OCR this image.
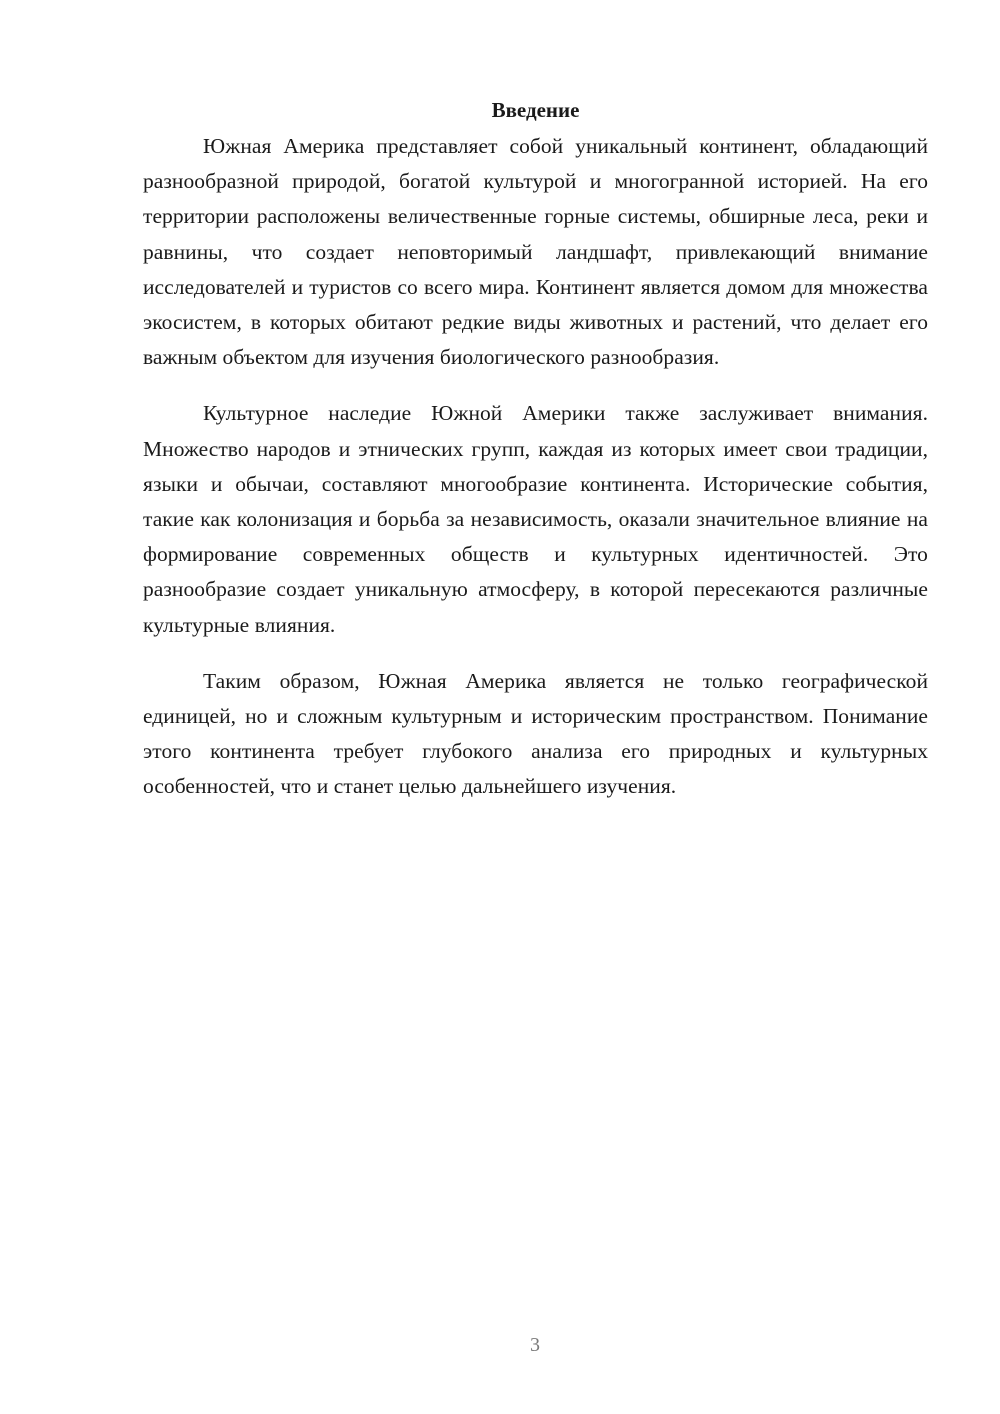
Введение

Южная Америка представляет собой уникальный континент, обладающий разнообразной природой, богатой культурой и многогранной историей. На его территории расположены величественные горные системы, обширные леса, реки и равнины, что создает неповторимый ландшафт, привлекающий внимание исследователей и туристов со всего мира. Континент является домом для множества экосистем, в которых обитают редкие виды животных и растений, что делает его важным объектом для изучения биологического разнообразия.

Культурное наследие Южной Америки также заслуживает внимания. Множество народов и этнических групп, каждая из которых имеет свои традиции, языки и обычаи, составляют многообразие континента. Исторические события, такие как колонизация и борьба за независимость, оказали значительное влияние на формирование современных обществ и культурных идентичностей. Это разнообразие создает уникальную атмосферу, в которой пересекаются различные культурные влияния.

Таким образом, Южная Америка является не только географической единицей, но и сложным культурным и историческим пространством. Понимание этого континента требует глубокого анализа его природных и культурных особенностей, что и станет целью дальнейшего изучения.

3
